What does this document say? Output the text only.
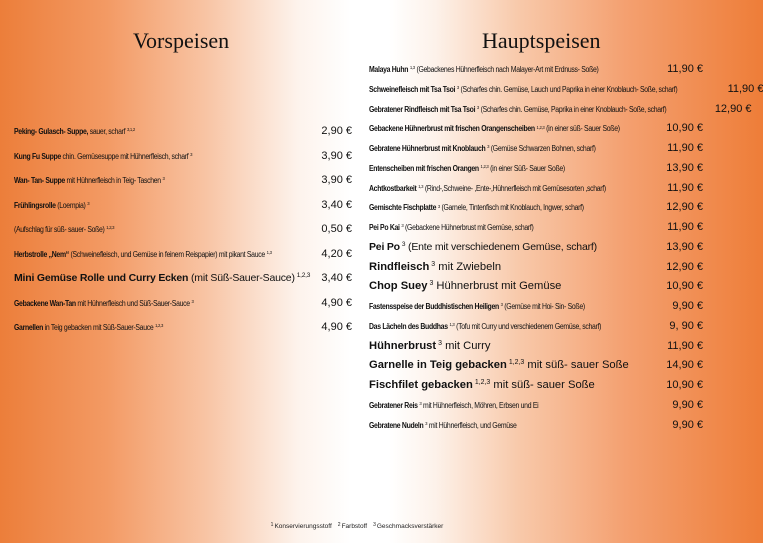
Vorspeisen	Hauptspeisen
Peking- Gulasch- Suppe, sauer, scharf $^{3,1,2}$	2,90 €
Kung Fu Suppe chin. Gemüsesuppe mit Hühnerfleisch, scharf $^3$	3,90 €
Wan- Tan- Suppe mit Hühnerfleisch in Teig- Taschen $^3$	3,90 €
Frühlingsrolle (Loempia) $^3$	3,40 €
(Aufschlag für süß- sauer- Soße) $^{1,2,3}$	0,50 €
Herbstrolle „Nem“ (Schweinefleisch, und Gemüse in feinem Reispapier) mit pikant Sauce $^{1,3}$	4,20 €
Mini Gemüse Rolle und Curry Ecken (mit Süß-Sauer-Sauce) $^{1,2,3}$ 3,40 €
Gebackene Wan-Tan mit Hühnerfleisch und Süß-Sauer-Sauce $^3$	4,90 €
Garnellen in Teig gebacken mit Süß-Sauer-Sauce $^{1,2,3}$	4,90 €
Malaya Huhn $^{1,3}$ (Gebackenes Hühnerfleisch nach Malayer-Art mit Erdnuss- Soße)	11,90 €
Schweinefleisch mit Tsa Tsoi $^3$ (Scharfes chin. Gemüse, Lauch und Paprika in einer Knoblauch- Soße, scharf)	11,90 €
Gebratener Rindfleisch mit Tsa Tsoi $^3$ (Scharfes chin. Gemüse, Paprika in einer Knoblauch- Soße, scharf)	12,90 €
Gebackene Hühnerbrust mit frischen Orangenscheiben $^{1,2,3}$ (in einer süß- Sauer Soße)	10,90 €
Gebratene Hühnerbrust mit Knoblauch $^3$ (Gemüse Schwarzen Bohnen, scharf)	11,90 €
Entenscheiben mit frischen Orangen $^{1,2,3}$ (in einer Süß- Sauer Soße)	13,90 €
Achtkostbarkeit $^{1,3}$ (Rind-,Schweine- ,Ente-,Hühnerfleisch mit Gemüsesorten ,scharf)	11,90 €
Gemischte Fischplatte $^3$ (Garnele, Tintenfisch mit Knoblauch, Ingwer, scharf)	12,90 €
Pei Po Kai $^3$ (Gebackene Hühnerbrust mit Gemüse, scharf)	11,90 €
Pei Po $^3$ (Ente mit verschiedenem Gemüse, scharf)	13,90 €
Rindfleisch $^3$ mit Zwiebeln	12,90 €
Chop Suey $^3$ Hühnerbrust mit Gemüse	10,90 €
Fastensspeise der Buddhistischen Heiligen $^3$ (Gemüse mit Hoi- Sin- Soße)	9,90 €
Das Lächeln des Buddhas $^{1,3}$ (Tofu mit Curry und verschiedenem Gemüse, scharf)	9, 90 €
Hühnerbrust $^3$ mit Curry	11,90 €
Garnelle in Teig gebacken $^{1,2,3}$ mit süß- sauer Soße	14,90 €
Fischfilet gebacken $^{1,2,3}$ mit süß- sauer Soße	10,90 €
Gebratener Reis $^3$ mit Hühnerfleisch, Möhren, Erbsen und Ei	9,90 €
Gebratene Nudeln $^3$ mit Hühnerfleisch, und Gemüse	9,90 €
$^1$Konservierungsstoff $^2$Farbstoff $^3$Geschmacksverstärker
